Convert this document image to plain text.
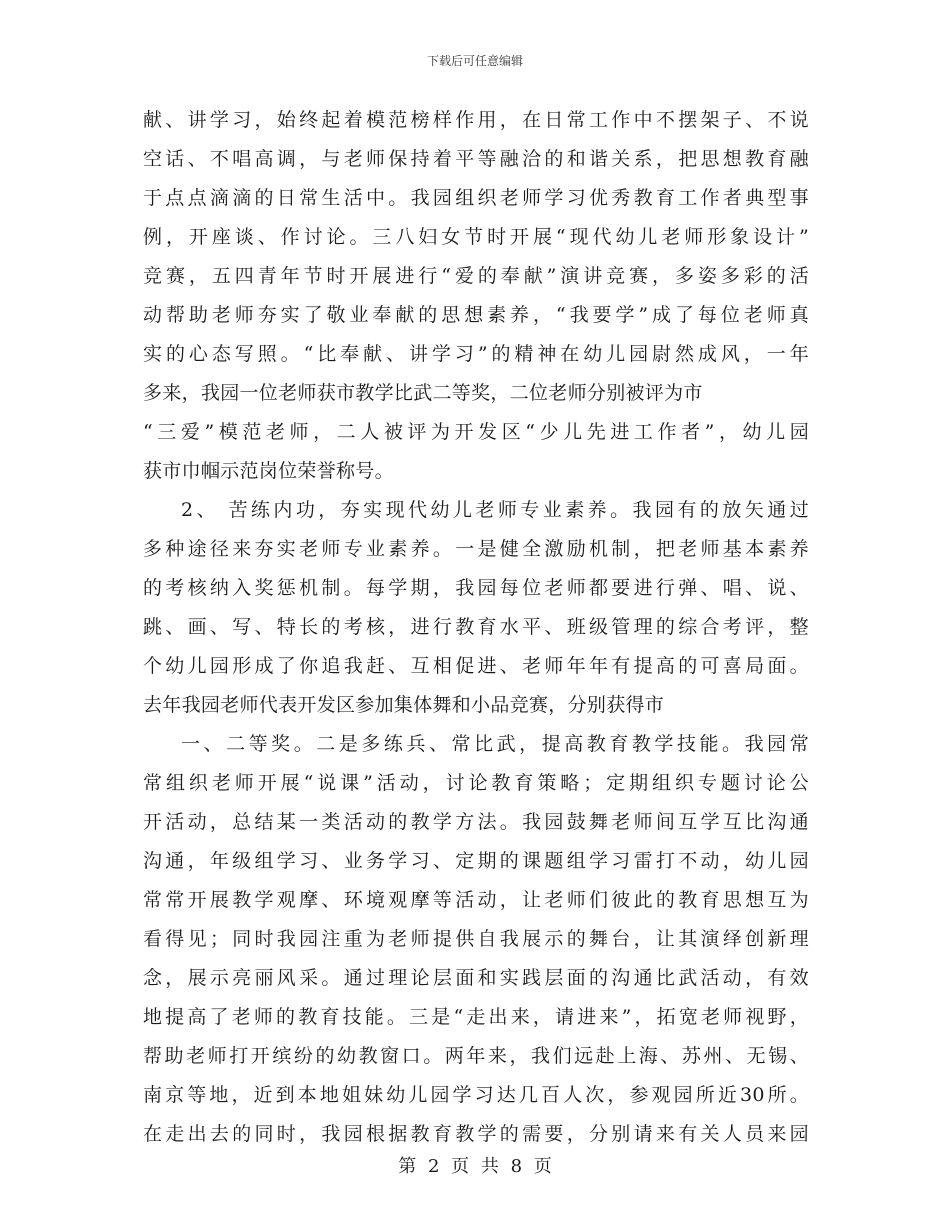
下载后可任意编辑
献、讲学习，始终起着模范榜样作用，在日常工作中不摆架子、不说
空话、不唱高调，与老师保持着平等融洽的和谐关系，把思想教育融
于点点滴滴的日常生活中。我园组织老师学习优秀教育工作者典型事
例，开座谈、作讨论。三八妇女节时开展“现代幼儿老师形象设计”
竞赛，五四青年节时开展进行“爱的奉献”演讲竞赛，多姿多彩的活
动帮助老师夯实了敬业奉献的思想素养，“我要学”成了每位老师真
实的心态写照。“比奉献、讲学习”的精神在幼儿园尉然成风，一年
多来，我园一位老师获市教学比武二等奖，二位老师分别被评为市
“三爱”模范老师，二人被评为开发区“少儿先进工作者”，幼儿园
获市巾帼示范岗位荣誉称号。
2、 苦练内功，夯实现代幼儿老师专业素养。我园有的放矢通过
多种途径来夯实老师专业素养。一是健全激励机制，把老师基本素养
的考核纳入奖惩机制。每学期，我园每位老师都要进行弹、唱、说、
跳、画、写、特长的考核，进行教育水平、班级管理的综合考评，整
个幼儿园形成了你追我赶、互相促进、老师年年有提高的可喜局面。
去年我园老师代表开发区参加集体舞和小品竞赛，分别获得市
一、二等奖。二是多练兵、常比武，提高教育教学技能。我园常
常组织老师开展“说课”活动，讨论教育策略；定期组织专题讨论公
开活动，总结某一类活动的教学方法。我园鼓舞老师间互学互比沟通
沟通，年级组学习、业务学习、定期的课题组学习雷打不动，幼儿园
常常开展教学观摩、环境观摩等活动，让老师们彼此的教育思想互为
看得见；同时我园注重为老师提供自我展示的舞台，让其演绎创新理
念，展示亮丽风采。通过理论层面和实践层面的沟通比武活动，有效
地提高了老师的教育技能。三是“走出来，请进来”，拓宽老师视野，
帮助老师打开缤纷的幼教窗口。两年来，我们远赴上海、苏州、无锡、
南京等地，近到本地姐妹幼儿园学习达几百人次，参观园所近30所。
在走出去的同时，我园根据教育教学的需要，分别请来有关人员来园
第 2 页 共 8 页
